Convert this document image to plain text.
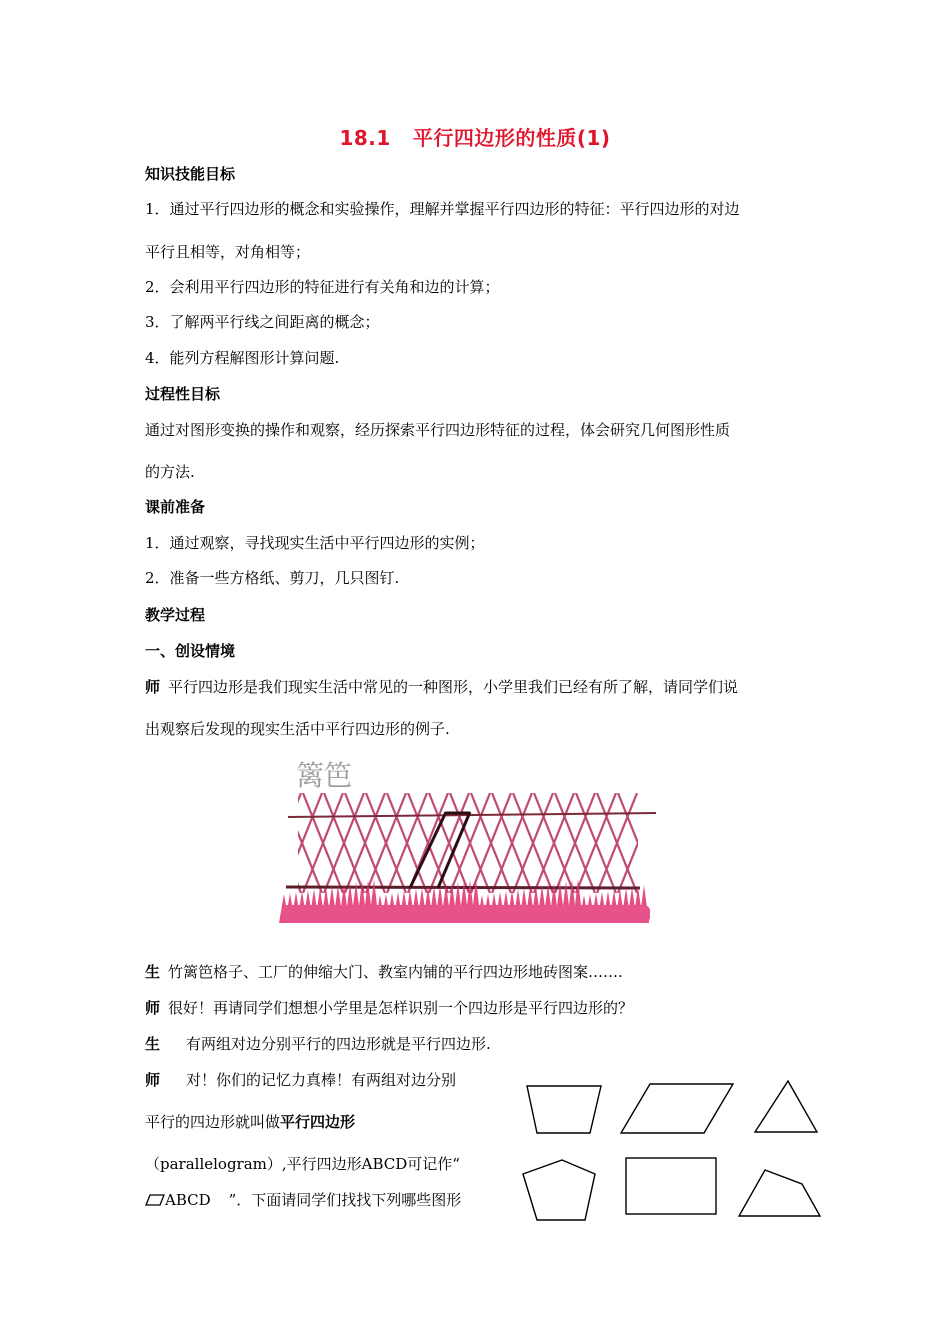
18.1 平行四边形的性质(1)
知识技能目标
1．通过平行四边形的概念和实验操作，理解并掌握平行四边形的特征：平行四边形的对边
平行且相等，对角相等；
2．会利用平行四边形的特征进行有关角和边的计算；
3．了解两平行线之间距离的概念；
4．能列方程解图形计算问题.
过程性目标
通过对图形变换的操作和观察，经历探索平行四边形特征的过程，体会研究几何图形性质
的方法.
课前准备
1．通过观察，寻找现实生活中平行四边形的实例；
2．准备一些方格纸、剪刀，几只图钉.
教学过程
一、创设情境
师 平行四边形是我们现实生活中常见的一种图形，小学里我们已经有所了解，请同学们说
出观察后发现的现实生活中平行四边形的例子.
篱笆
生 竹篱笆格子、工厂的伸缩大门、教室内铺的平行四边形地砖图案…….
师 很好！再请同学们想想小学里是怎样识别一个四边形是平行四边形的？
生 有两组对边分别平行的四边形就是平行四边形.
师 对！你们的记忆力真棒！有两组对边分别
平行的四边形就叫做平行四边形
（parallelogram）,平行四边形ABCD可记作“
ABCD ”．下面请同学们找找下列哪些图形
